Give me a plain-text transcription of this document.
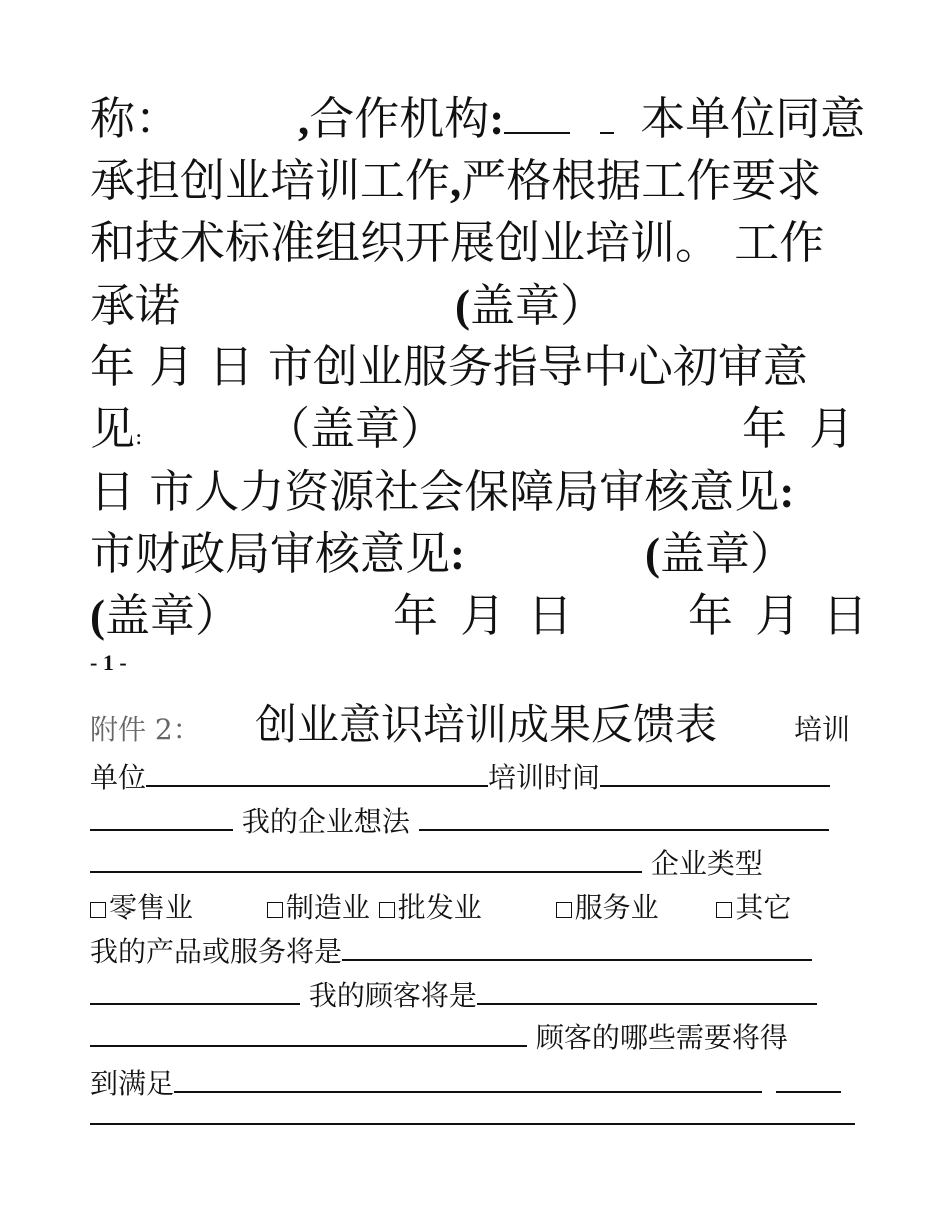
称：	,合作机构:	本单位同意
承担创业培训工作,严格根据工作要求
和技术标准组织开展创业培训。 工作
承诺	(盖章）
年 月 日 市创业服务指导中心初审意
见:	（盖章）	年 月
日 市人力资源社会保障局审核意见:
市财政局审核意见:	(盖章）
(盖章）	年 月 日	年 月 日
- 1 -
附件 2： 创业意识培训成果反馈表	培训
单位	培训时间
我的企业想法
企业类型
零售业	制造业 批发业	服务业	其它
我的产品或服务将是
我的顾客将是
顾客的哪些需要将得
到满足
